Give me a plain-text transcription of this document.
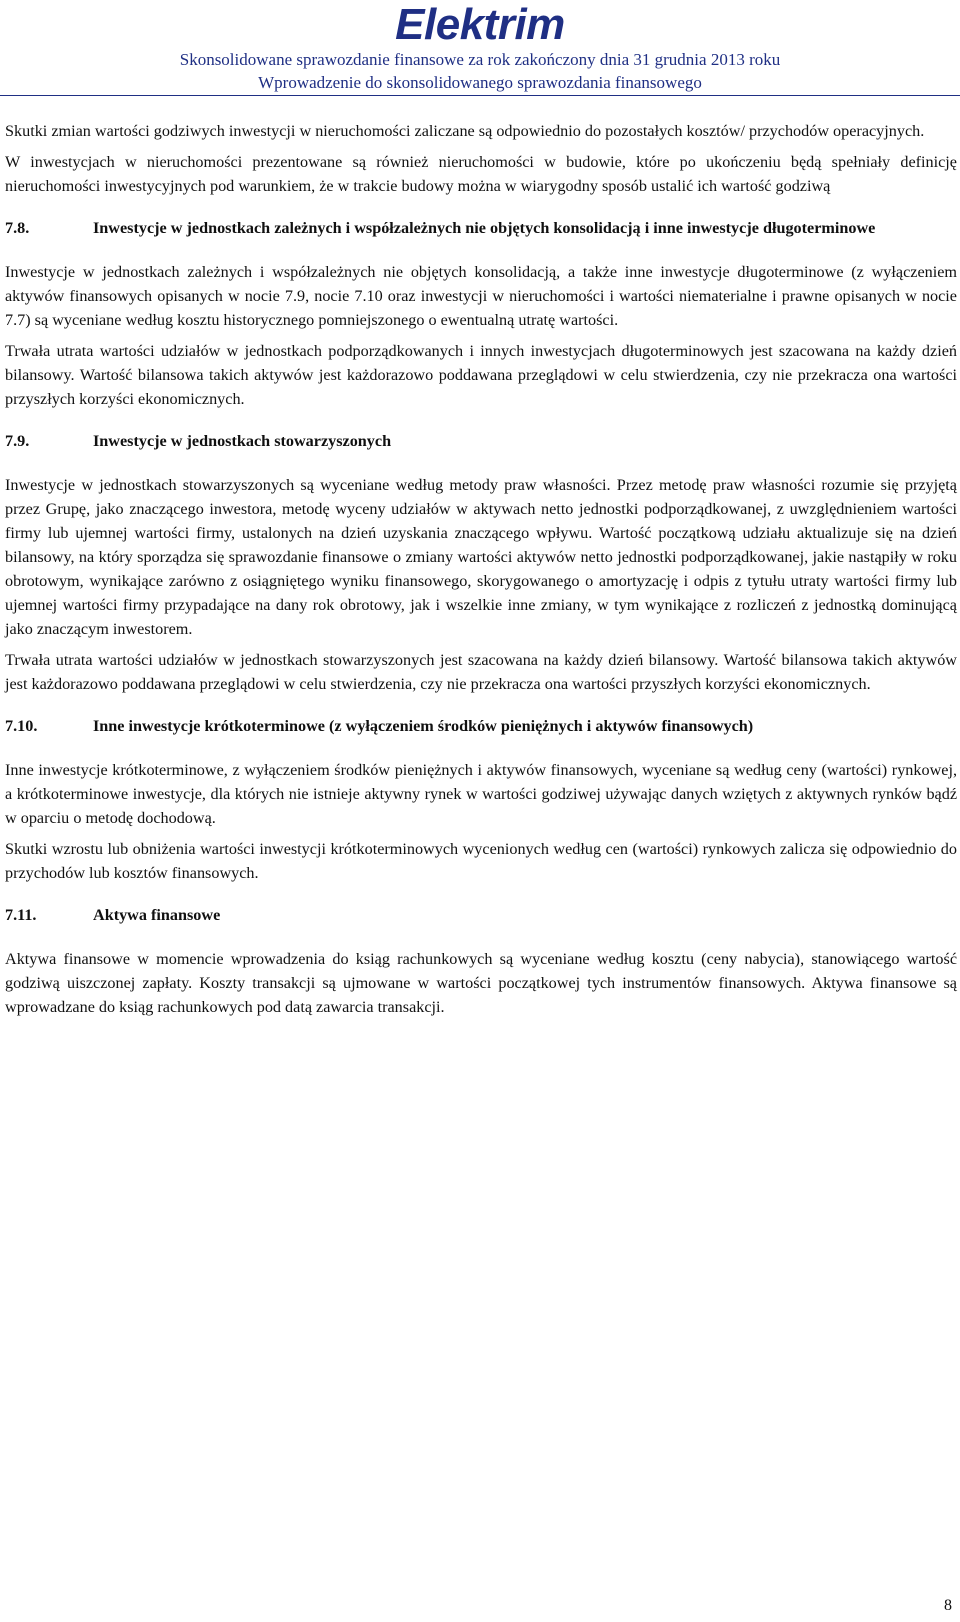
Elektrim
Skonsolidowane sprawozdanie finansowe za rok zakończony dnia 31 grudnia 2013 roku
Wprowadzenie do skonsolidowanego sprawozdania finansowego

Skutki zmian wartości godziwych inwestycji w nieruchomości zaliczane są odpowiednio do pozostałych kosztów/ przychodów operacyjnych.

W inwestycjach w nieruchomości prezentowane są również nieruchomości w budowie, które po ukończeniu będą spełniały definicję nieruchomości inwestycyjnych pod warunkiem, że w trakcie budowy można w wiarygodny sposób ustalić ich wartość godziwą

7.8.	Inwestycje w jednostkach zależnych i współzależnych nie objętych konsolidacją i inne inwestycje długoterminowe

Inwestycje w jednostkach zależnych i współzależnych nie objętych konsolidacją, a także inne inwestycje długoterminowe (z wyłączeniem aktywów finansowych opisanych w nocie 7.9, nocie 7.10 oraz inwestycji w nieruchomości i wartości niematerialne i prawne opisanych w nocie 7.7) są wyceniane według kosztu historycznego pomniejszonego o ewentualną utratę wartości.

Trwała utrata wartości udziałów w jednostkach podporządkowanych i innych inwestycjach długoterminowych jest szacowana na każdy dzień bilansowy. Wartość bilansowa takich aktywów jest każdorazowo poddawana przeglądowi w celu stwierdzenia, czy nie przekracza ona wartości przyszłych korzyści ekonomicznych.

7.9.	Inwestycje w jednostkach stowarzyszonych

Inwestycje w jednostkach stowarzyszonych są wyceniane według metody praw własności. Przez metodę praw własności rozumie się przyjętą przez Grupę, jako znaczącego inwestora, metodę wyceny udziałów w aktywach netto jednostki podporządkowanej, z uwzględnieniem wartości firmy lub ujemnej wartości firmy, ustalonych na dzień uzyskania znaczącego wpływu. Wartość początkową udziału aktualizuje się na dzień bilansowy, na który sporządza się sprawozdanie finansowe o zmiany wartości aktywów netto jednostki podporządkowanej, jakie nastąpiły w roku obrotowym, wynikające zarówno z osiągniętego wyniku finansowego, skorygowanego o amortyzację i odpis z tytułu utraty wartości firmy lub ujemnej wartości firmy przypadające na dany rok obrotowy, jak i wszelkie inne zmiany, w tym wynikające z rozliczeń z jednostką dominującą jako znaczącym inwestorem.

Trwała utrata wartości udziałów w jednostkach stowarzyszonych jest szacowana na każdy dzień bilansowy. Wartość bilansowa takich aktywów jest każdorazowo poddawana przeglądowi w celu stwierdzenia, czy nie przekracza ona wartości przyszłych korzyści ekonomicznych.

7.10.	Inne inwestycje krótkoterminowe (z wyłączeniem środków pieniężnych i aktywów finansowych)

Inne inwestycje krótkoterminowe, z wyłączeniem środków pieniężnych i aktywów finansowych, wyceniane są według ceny (wartości) rynkowej, a krótkoterminowe inwestycje, dla których nie istnieje aktywny rynek w wartości godziwej używając danych wziętych z aktywnych rynków bądź w oparciu o metodę dochodową.

Skutki wzrostu lub obniżenia wartości inwestycji krótkoterminowych wycenionych według cen (wartości) rynkowych zalicza się odpowiednio do przychodów lub kosztów finansowych.

7.11.	Aktywa finansowe

Aktywa finansowe w momencie wprowadzenia do ksiąg rachunkowych są wyceniane według kosztu (ceny nabycia), stanowiącego wartość godziwą uiszczonej zapłaty. Koszty transakcji są ujmowane w wartości początkowej tych instrumentów finansowych. Aktywa finansowe są wprowadzane do ksiąg rachunkowych pod datą zawarcia transakcji.

8
